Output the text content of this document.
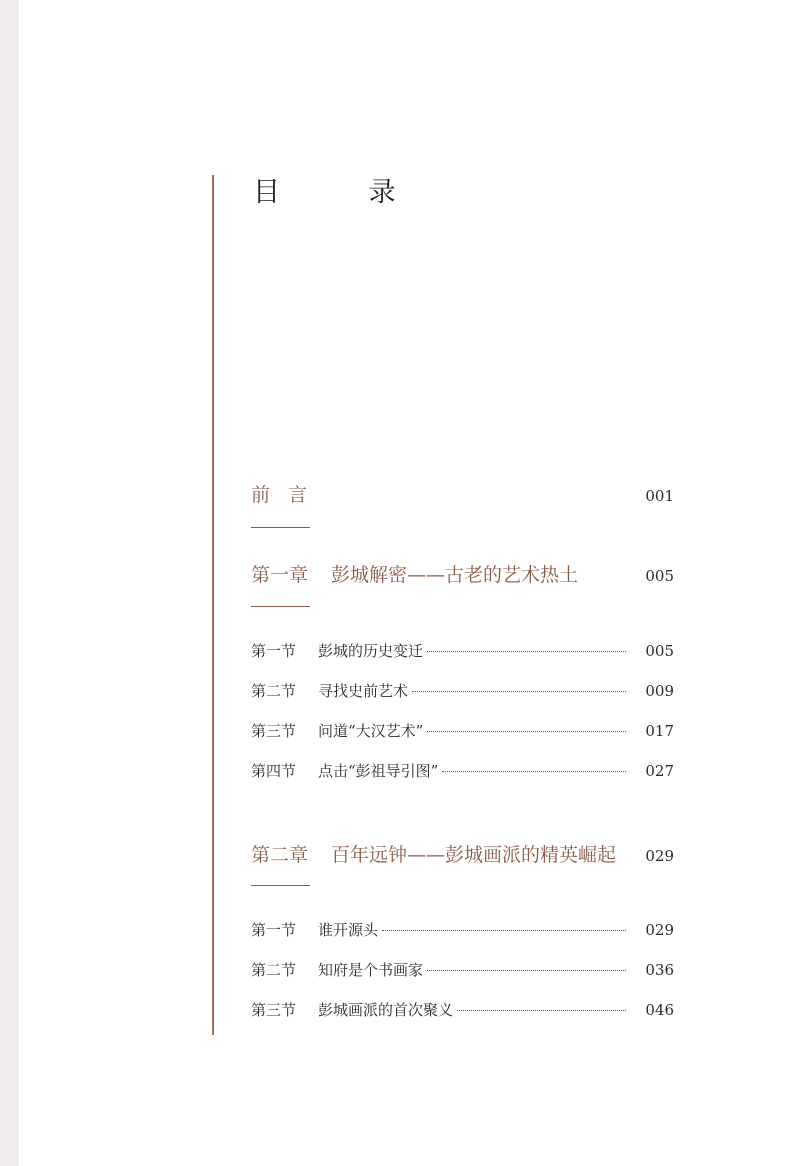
目 录
前言	001
第一章	彭城解密——古老的艺术热土	005
第一节	彭城的历史变迁	005
第二节	寻找史前艺术	009
第三节	问道“大汉艺术”	017
第四节	点击“彭祖导引图”	027
第二章	百年远钟——彭城画派的精英崛起 029
第一节	谁开源头	029
第二节	知府是个书画家	036
第三节	彭城画派的首次聚义	046
